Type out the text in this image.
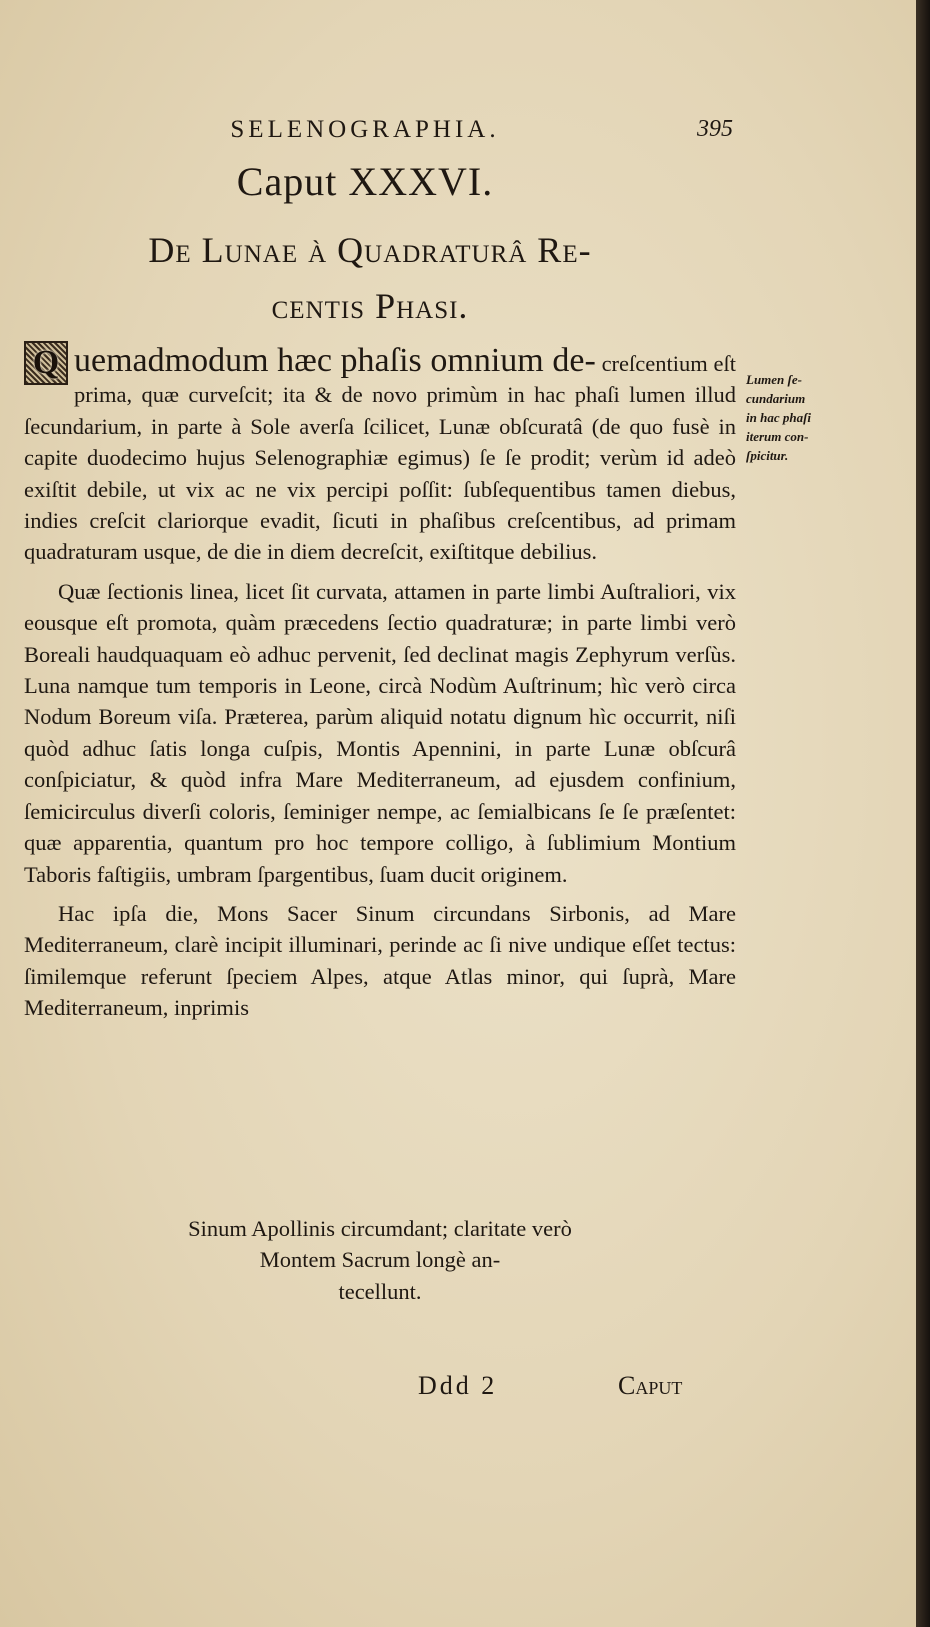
SELENOGRAPHIA.	395
Caput XXXVI.
De Lunae à Quadraturâ Re-
centis Phasi.

Q uemadmodum hæc phaſis omnium de- creſcentium eſt prima, quæ curveſcit; ita & de novo primùm in hac phaſi lumen illud ſecundarium, in parte à Sole averſa ſcilicet, Lunæ obſcuratâ (de quo fusè in capite duodecimo hujus Selenographiæ egimus) ſe ſe prodit; verùm id adeò exiſtit debile, ut vix ac ne vix percipi poſſit: ſubſequentibus tamen diebus, indies creſcit clariorque evadit, ſicuti in phaſibus creſcentibus, ad primam quadraturam usque, de die in diem decreſcit, exiſtitque debilius.

Quæ ſectionis linea, licet ſit curvata, attamen in parte limbi Auſtraliori, vix eousque eſt promota, quàm præcedens ſectio quadraturæ; in parte limbi verò Boreali haudquaquam eò adhuc pervenit, ſed declinat magis Zephyrum verſùs. Luna namque tum temporis in Leone, circà Nodùm Auſtrinum; hìc verò circa Nodum Boreum viſa. Præterea, parùm aliquid notatu dignum hìc occurrit, niſi quòd adhuc ſatis longa cuſpis, Montis Apennini, in parte Lunæ obſcurâ conſpiciatur, & quòd infra Mare Mediterraneum, ad ejusdem confinium, ſemicirculus diverſi coloris, ſeminiger nempe, ac ſemialbicans ſe ſe præſentet: quæ apparentia, quantum pro hoc tempore colligo, à ſublimium Montium Taboris faſtigiis, umbram ſpargentibus, ſuam ducit originem.

Hac ipſa die, Mons Sacer Sinum circundans Sirbonis, ad Mare Mediterraneum, clarè incipit illuminari, perinde ac ſi nive undique eſſet tectus: ſimilemque referunt ſpeciem Alpes, atque Atlas minor, qui ſuprà, Mare Mediterraneum, inprimis

Sinum Apollinis circumdant; claritate verò
Montem Sacrum longè an-
tecellunt.
Lumen ſe-
cundarium
in hac phaſi
iterum con-
ſpicitur.
Ddd 2	Caput
